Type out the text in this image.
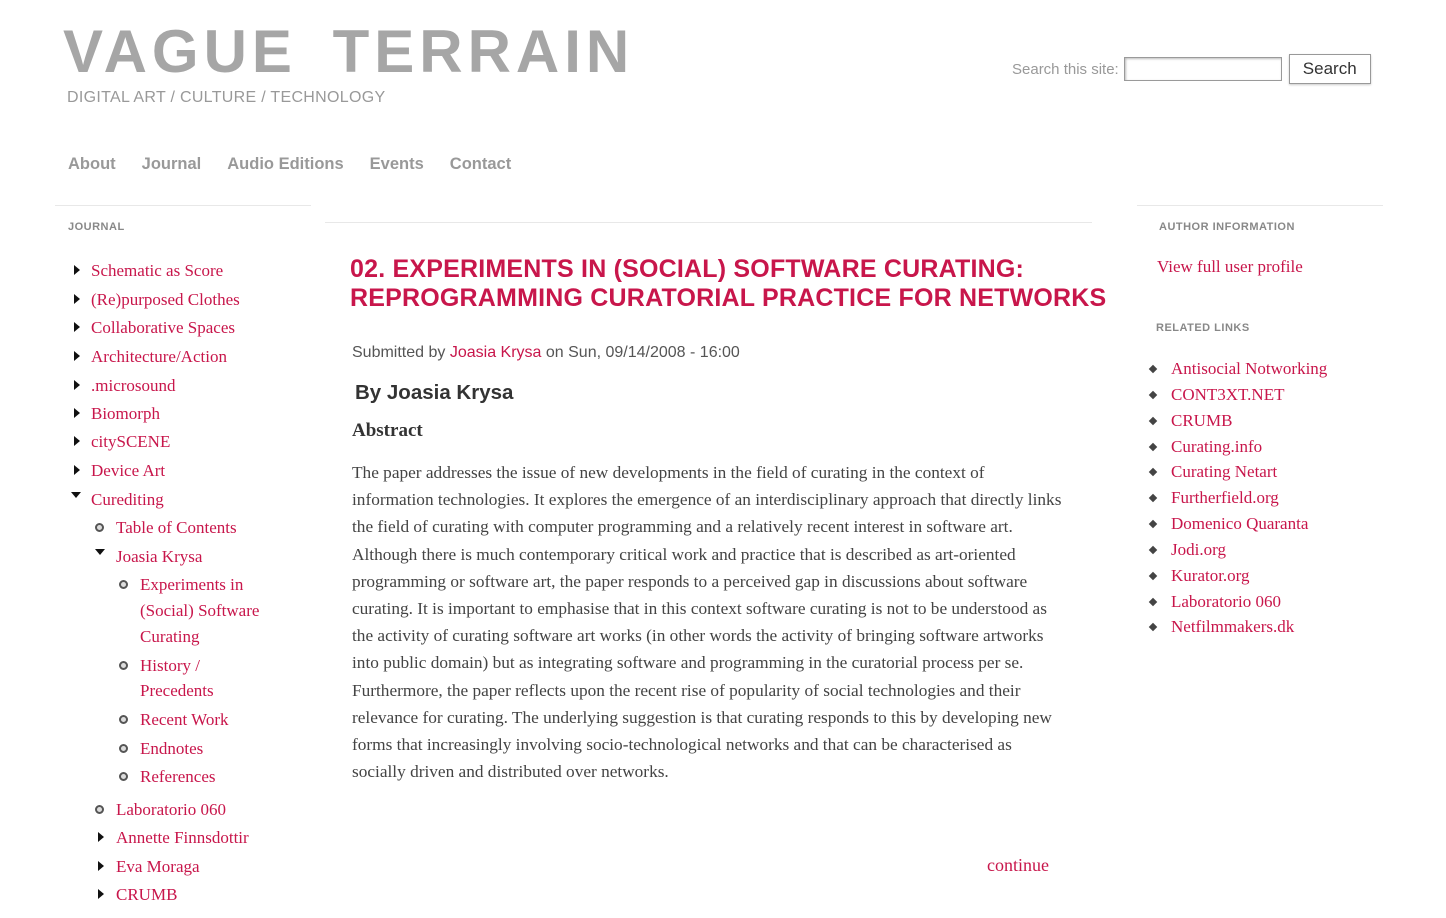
VAGUE TERRAIN
DIGITAL ART / CULTURE / TECHNOLOGY
Search this site:	Search
About Journal Audio Editions Events Contact
JOURNAL
Schematic as Score
(Re)purposed Clothes
Collaborative Spaces
Architecture/Action
.microsound
Biomorph
citySCENE
Device Art
Curediting
Table of Contents
Joasia Krysa
Experiments in
(Social) Software
Curating
History /
Precedents
Recent Work
Endnotes
References
Laboratorio 060
Annette Finnsdottir
Eva Moraga
CRUMB
02. EXPERIMENTS IN (SOCIAL) SOFTWARE CURATING: REPROGRAMMING CURATORIAL PRACTICE FOR NETWORKS
Submitted by Joasia Krysa on Sun, 09/14/2008 - 16:00
By Joasia Krysa
Abstract

The paper addresses the issue of new developments in the field of curating in the context of information technologies. It explores the emergence of an interdisciplinary approach that directly links the field of curating with computer programming and a relatively recent interest in software art. Although there is much contemporary critical work and practice that is described as art-oriented programming or software art, the paper responds to a perceived gap in discussions about software curating. It is important to emphasise that in this context software curating is not to be understood as the activity of curating software art works (in other words the activity of bringing software artworks into public domain) but as integrating software and programming in the curatorial process per se. Furthermore, the paper reflects upon the recent rise of popularity of social technologies and their relevance for curating. The underlying suggestion is that curating responds to this by developing new forms that increasingly involving socio-technological networks and that can be characterised as socially driven and distributed over networks.

continue
AUTHOR INFORMATION
View full user profile
RELATED LINKS
Antisocial Notworking
CONT3XT.NET
CRUMB
Curating.info
Curating Netart
Furtherfield.org
Domenico Quaranta
Jodi.org
Kurator.org
Laboratorio 060
Netfilmmakers.dk
